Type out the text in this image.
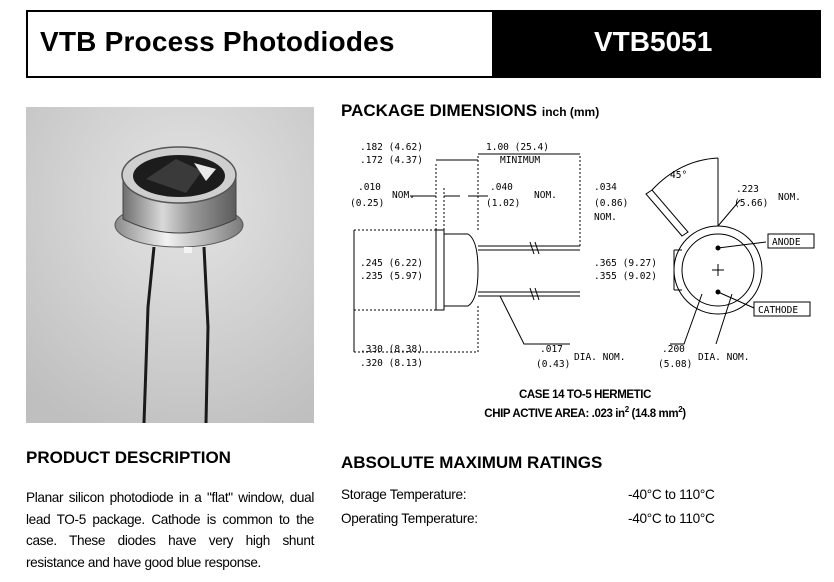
VTB Process Photodiodes	VTB5051
PACKAGE DIMENSIONS inch (mm)
.182 (4.62)
.172 (4.37)
1.00 (25.4)
MINIMUM
.010
(0.25)
NOM.
.040
(1.02)
NOM.
.034
(0.86)
NOM.
45°
.223
(5.66)
NOM.
.245 (6.22)
.235 (5.97)
.365 (9.27)
.355 (9.02)
ANODE
CATHODE
.330 (8.38)
.320 (8.13)
.017
(0.43)
DIA. NOM.
.200
(5.08)
DIA. NOM.
CASE 14 TO-5 HERMETIC
CHIP ACTIVE AREA: .023 $in^2$ (14.8 $mm^2$)
PRODUCT DESCRIPTION
Planar silicon photodiode in a "flat" window, dual lead TO-5 package. Cathode is common to the case. These diodes have very high shunt resistance and have good blue response.
ABSOLUTE MAXIMUM RATINGS
Storage Temperature:	-40°C to 110°C
Operating Temperature:	-40°C to 110°C
